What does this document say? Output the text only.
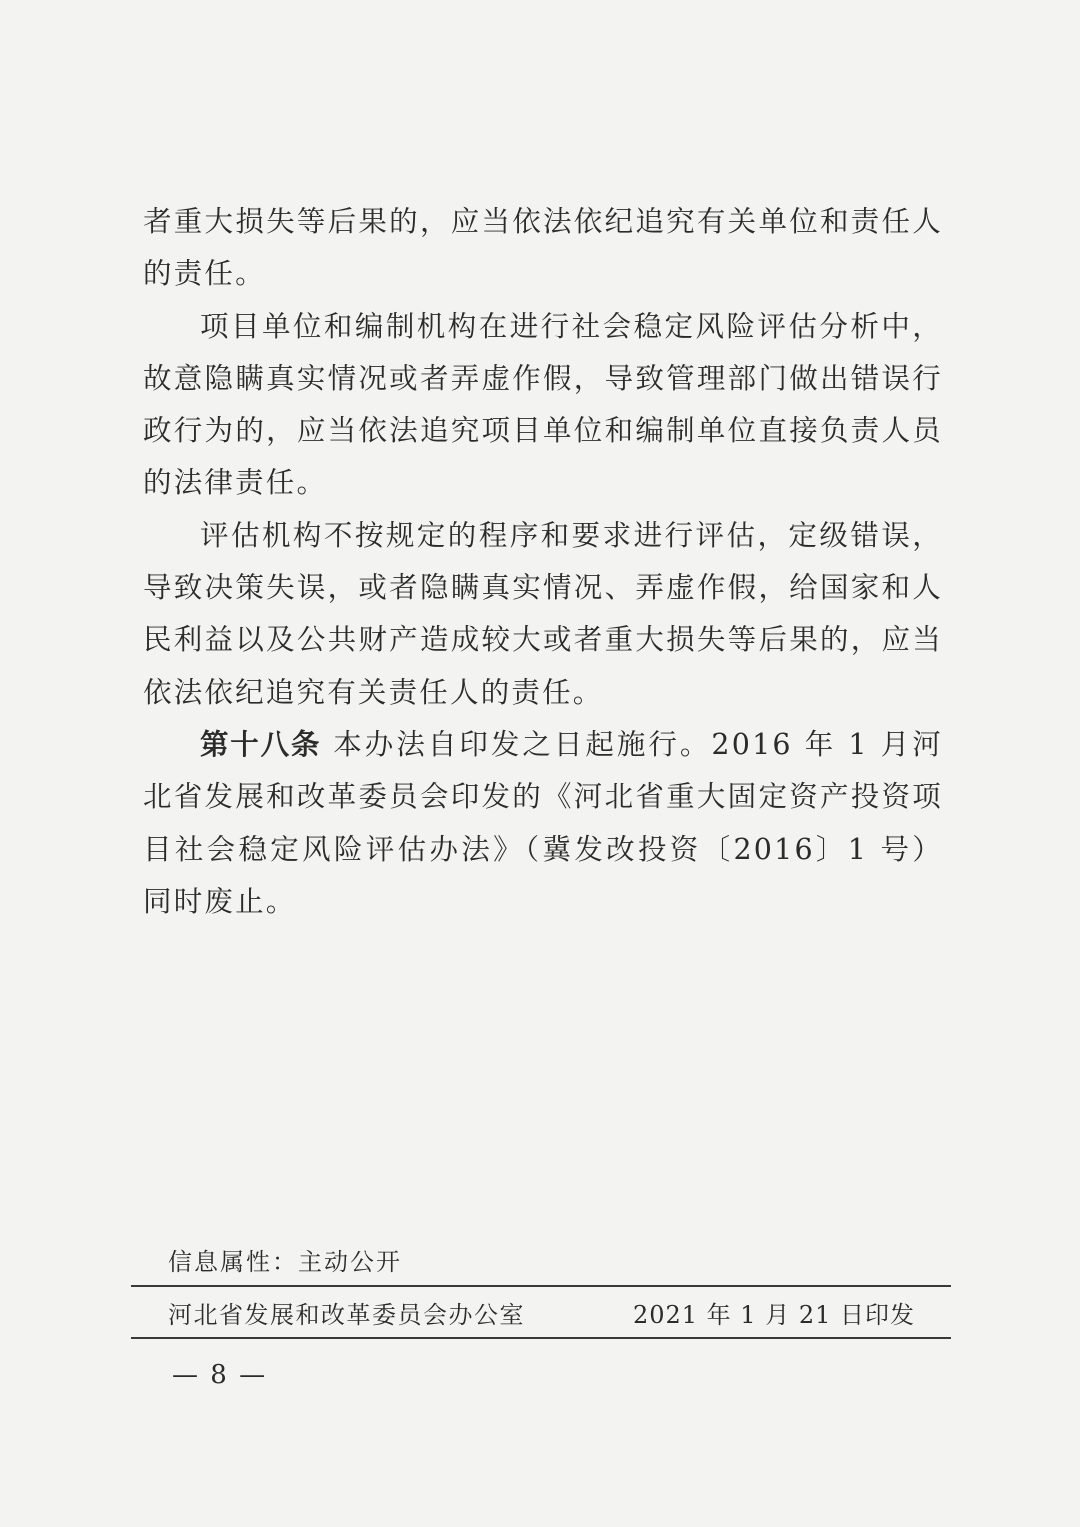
者重大损失等后果的，应当依法依纪追究有关单位和责任人的责任。

项目单位和编制机构在进行社会稳定风险评估分析中，故意隐瞒真实情况或者弄虚作假，导致管理部门做出错误行政行为的，应当依法追究项目单位和编制单位直接负责人员的法律责任。

评估机构不按规定的程序和要求进行评估，定级错误，导致决策失误，或者隐瞒真实情况、弄虚作假，给国家和人民利益以及公共财产造成较大或者重大损失等后果的，应当依法依纪追究有关责任人的责任。

第十八条 本办法自印发之日起施行。2016 年 1 月河北省发展和改革委员会印发的《河北省重大固定资产投资项目社会稳定风险评估办法》（冀发改投资〔2016〕1 号）同时废止。

信息属性：主动公开
河北省发展和改革委员会办公室	2021 年 1 月 21 日印发
— 8 —
